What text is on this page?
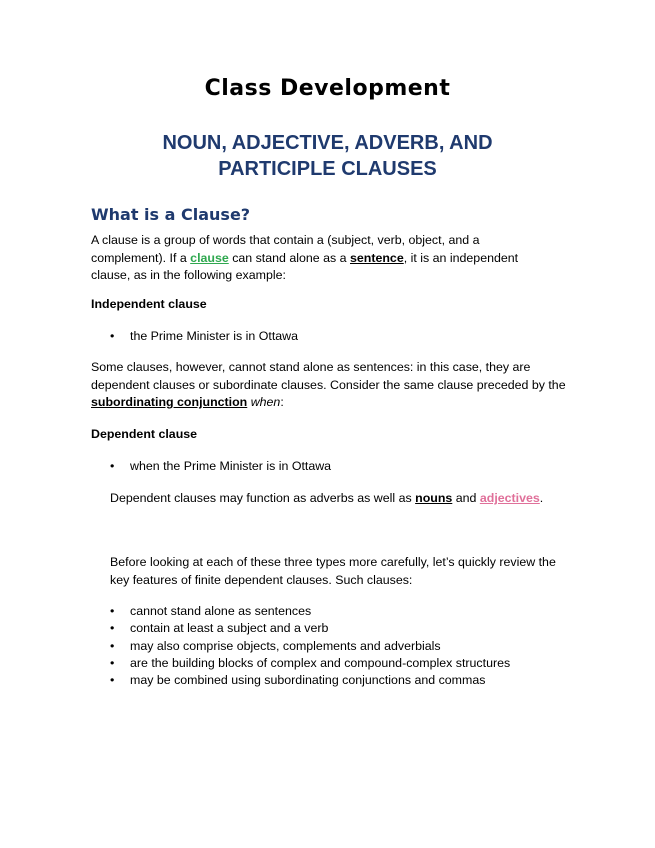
Class Development
NOUN, ADJECTIVE, ADVERB, AND
PARTICIPLE CLAUSES
What is a Clause?

A clause is a group of words that contain a (subject, verb, object, and a complement). If a clause can stand alone as a sentence, it is an independent clause, as in the following example:

Independent clause

• the Prime Minister is in Ottawa

Some clauses, however, cannot stand alone as sentences: in this case, they are dependent clauses or subordinate clauses. Consider the same clause preceded by the subordinating conjunction when:

Dependent clause

• when the Prime Minister is in Ottawa

Dependent clauses may function as adverbs as well as nouns and adjectives.

Before looking at each of these three types more carefully, let’s quickly review the key features of finite dependent clauses. Such clauses:

• cannot stand alone as sentences
• contain at least a subject and a verb
• may also comprise objects, complements and adverbials
• are the building blocks of complex and compound-complex structures
• may be combined using subordinating conjunctions and commas
